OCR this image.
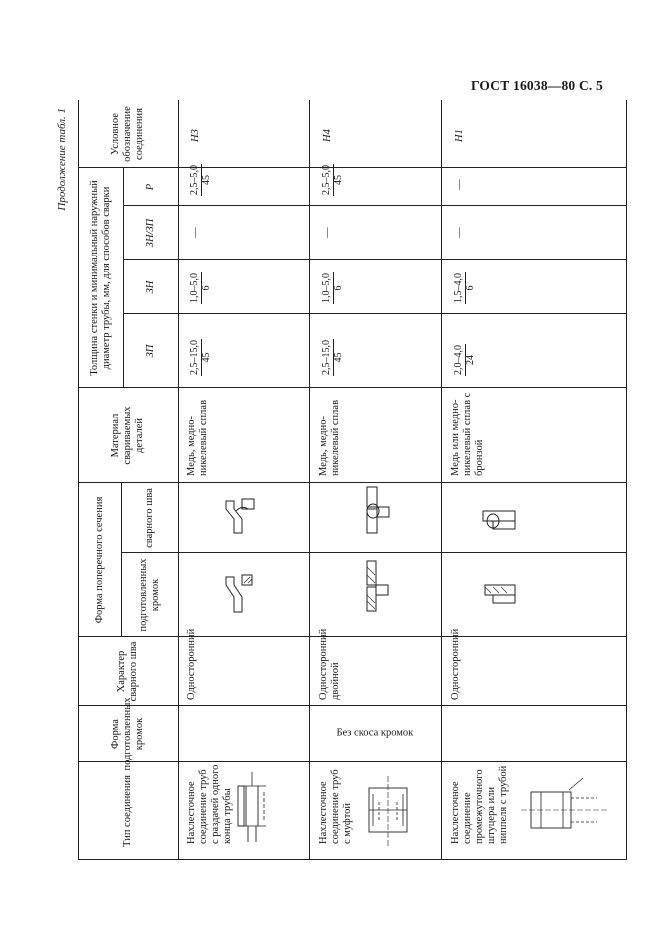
ГОСТ 16038—80 С. 5
Продолжение табл. 1
Тип соединения
Форма подготовленных кромок
Характер сварного шва
Форма поперечного сечения	подготовленных кромок
сварного шва
Материал свариваемых деталей
Толщина стенки и минимальный наружный диаметр трубы, мм, для способов сварки	ЗП
ЗН
ЗН/ЗП
Р
Условное обозначение соединения
Без скоса кромок
Нахлесточное соединение труб с раздачей одного конца трубы
Односторонний
Медь, медно-никелевый сплав
2,5–15,0 45
1,0–5,0 6
—
2,5–5,0 45
Н3
Нахлесточное соединение труб с муфтой
Односторонний двойной
Медь, медно-никелевый сплав
2,5–15,0 45
1,0–5,0 6
—
2,5–5,0 45
Н4
Нахлесточное соединение промежуточного штуцера или ниппеля с трубой
Односторонний
Медь или медно-никелевый сплав с бронзой
2,0–4,0 24
1,5–4,0 6
—
—
Н1
